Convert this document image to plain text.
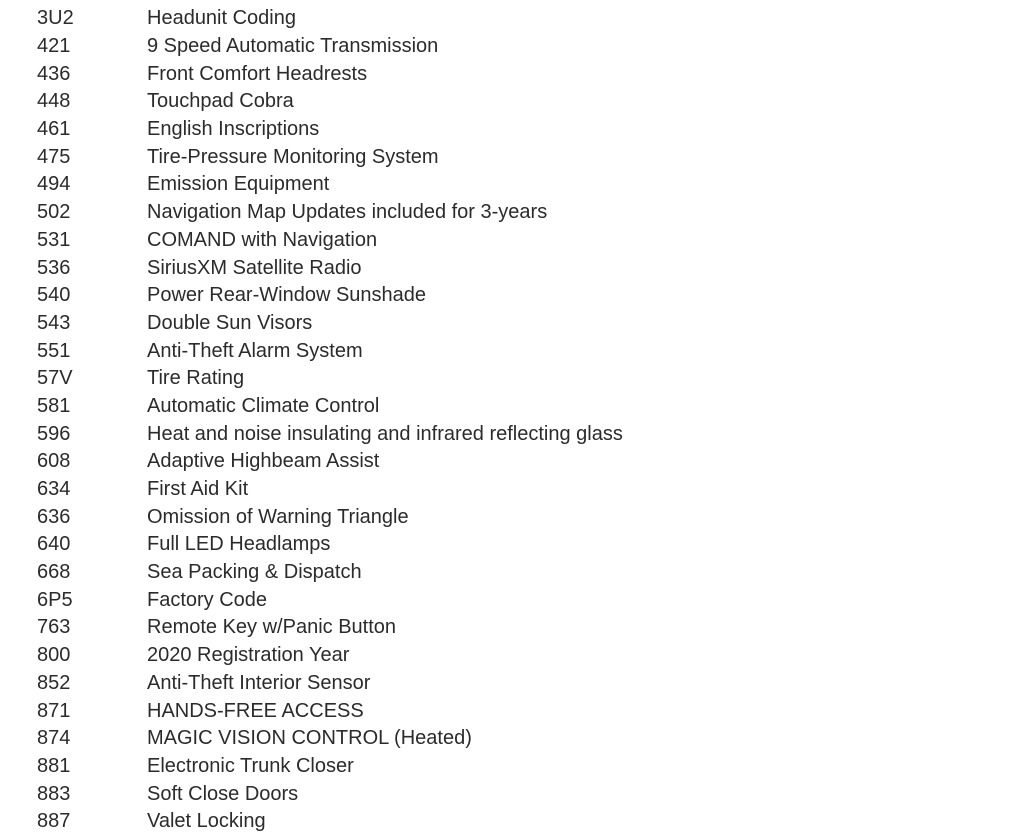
3U2	Headunit Coding
421	9 Speed Automatic Transmission
436	Front Comfort Headrests
448	Touchpad Cobra
461	English Inscriptions
475	Tire-Pressure Monitoring System
494	Emission Equipment
502	Navigation Map Updates included for 3-years
531	COMAND with Navigation
536	SiriusXM Satellite Radio
540	Power Rear-Window Sunshade
543	Double Sun Visors
551	Anti-Theft Alarm System
57V	Tire Rating
581	Automatic Climate Control
596	Heat and noise insulating and infrared reflecting glass
608	Adaptive Highbeam Assist
634	First Aid Kit
636	Omission of Warning Triangle
640	Full LED Headlamps
668	Sea Packing & Dispatch
6P5	Factory Code
763	Remote Key w/Panic Button
800	2020 Registration Year
852	Anti-Theft Interior Sensor
871	HANDS-FREE ACCESS
874	MAGIC VISION CONTROL (Heated)
881	Electronic Trunk Closer
883	Soft Close Doors
887	Valet Locking
